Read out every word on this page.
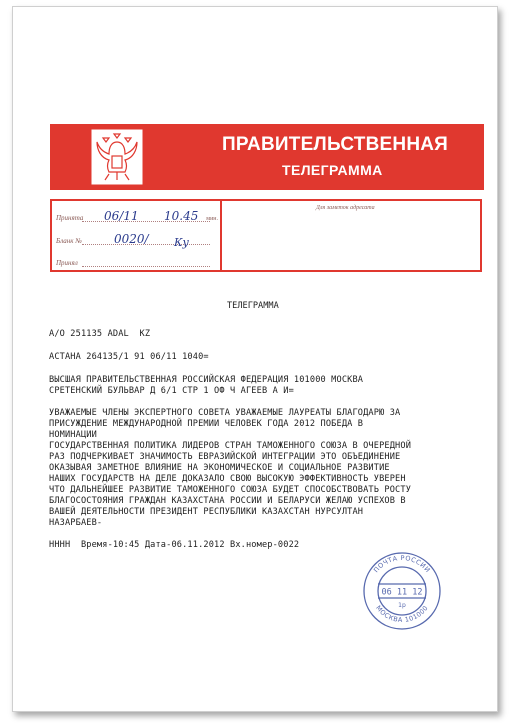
ПРАВИТЕЛЬСТВЕННАЯ
ТЕЛЕГРАММА
Принята	мин.
06/11 10.45
Бланк №	0020/ Ку
Принял
Для заметок адресата
ТЕЛЕГРАММА
А/О 251135 ADAL  KZ
АСТАНА 264135/1 91 06/11 1040=
ВЫСШАЯ ПРАВИТЕЛЬСТВЕННАЯ РОССИЙСКАЯ ФЕДЕРАЦИЯ 101000 МОСКВА
СРЕТЕНСКИЙ БУЛЬВАР Д 6/1 СТР 1 ОФ Ч АГЕЕВ А И=
УВАЖАЕМЫЕ ЧЛЕНЫ ЭКСПЕРТНОГО СОВЕТА УВАЖАЕМЫЕ ЛАУРЕАТЫ БЛАГОДАРЮ ЗА
ПРИСУЖДЕНИЕ МЕЖДУНАРОДНОЙ ПРЕМИИ ЧЕЛОВЕК ГОДА 2012 ПОБЕДА В
НОМИНАЦИИ
ГОСУДАРСТВЕННАЯ ПОЛИТИКА ЛИДЕРОВ СТРАН ТАМОЖЕННОГО СОЮЗА В ОЧЕРЕДНОЙ
РАЗ ПОДЧЕРКИВАЕТ ЗНАЧИМОСТЬ ЕВРАЗИЙСКОЙ ИНТЕГРАЦИИ ЭТО ОБЪЕДИНЕНИЕ
ОКАЗЫВАЯ ЗАМЕТНОЕ ВЛИЯНИЕ НА ЭКОНОМИЧЕСКОЕ И СОЦИАЛЬНОЕ РАЗВИТИЕ
НАШИХ ГОСУДАРСТВ НА ДЕЛЕ ДОКАЗАЛО СВОЮ ВЫСОКУЮ ЭФФЕКТИВНОСТЬ УВЕРЕН
ЧТО ДАЛЬНЕЙШЕЕ РАЗВИТИЕ ТАМОЖЕННОГО СОЮЗА БУДЕТ СПОСОБСТВОВАТЬ РОСТУ
БЛАГОСОСТОЯНИЯ ГРАЖДАН КАЗАХСТАНА РОССИИ И БЕЛАРУСИ ЖЕЛАЮ УСПЕХОВ В
ВАШЕЙ ДЕЯТЕЛЬНОСТИ ПРЕЗИДЕНТ РЕСПУБЛИКИ КАЗАХСТАН НУРСУЛТАН
НАЗАРБАЕВ-
НННН  Время-10:45 Дата-06.11.2012 Вх.номер-0022
ПОЧТА РОССИИ
МОСКВА 101000
06 11 12
1р
